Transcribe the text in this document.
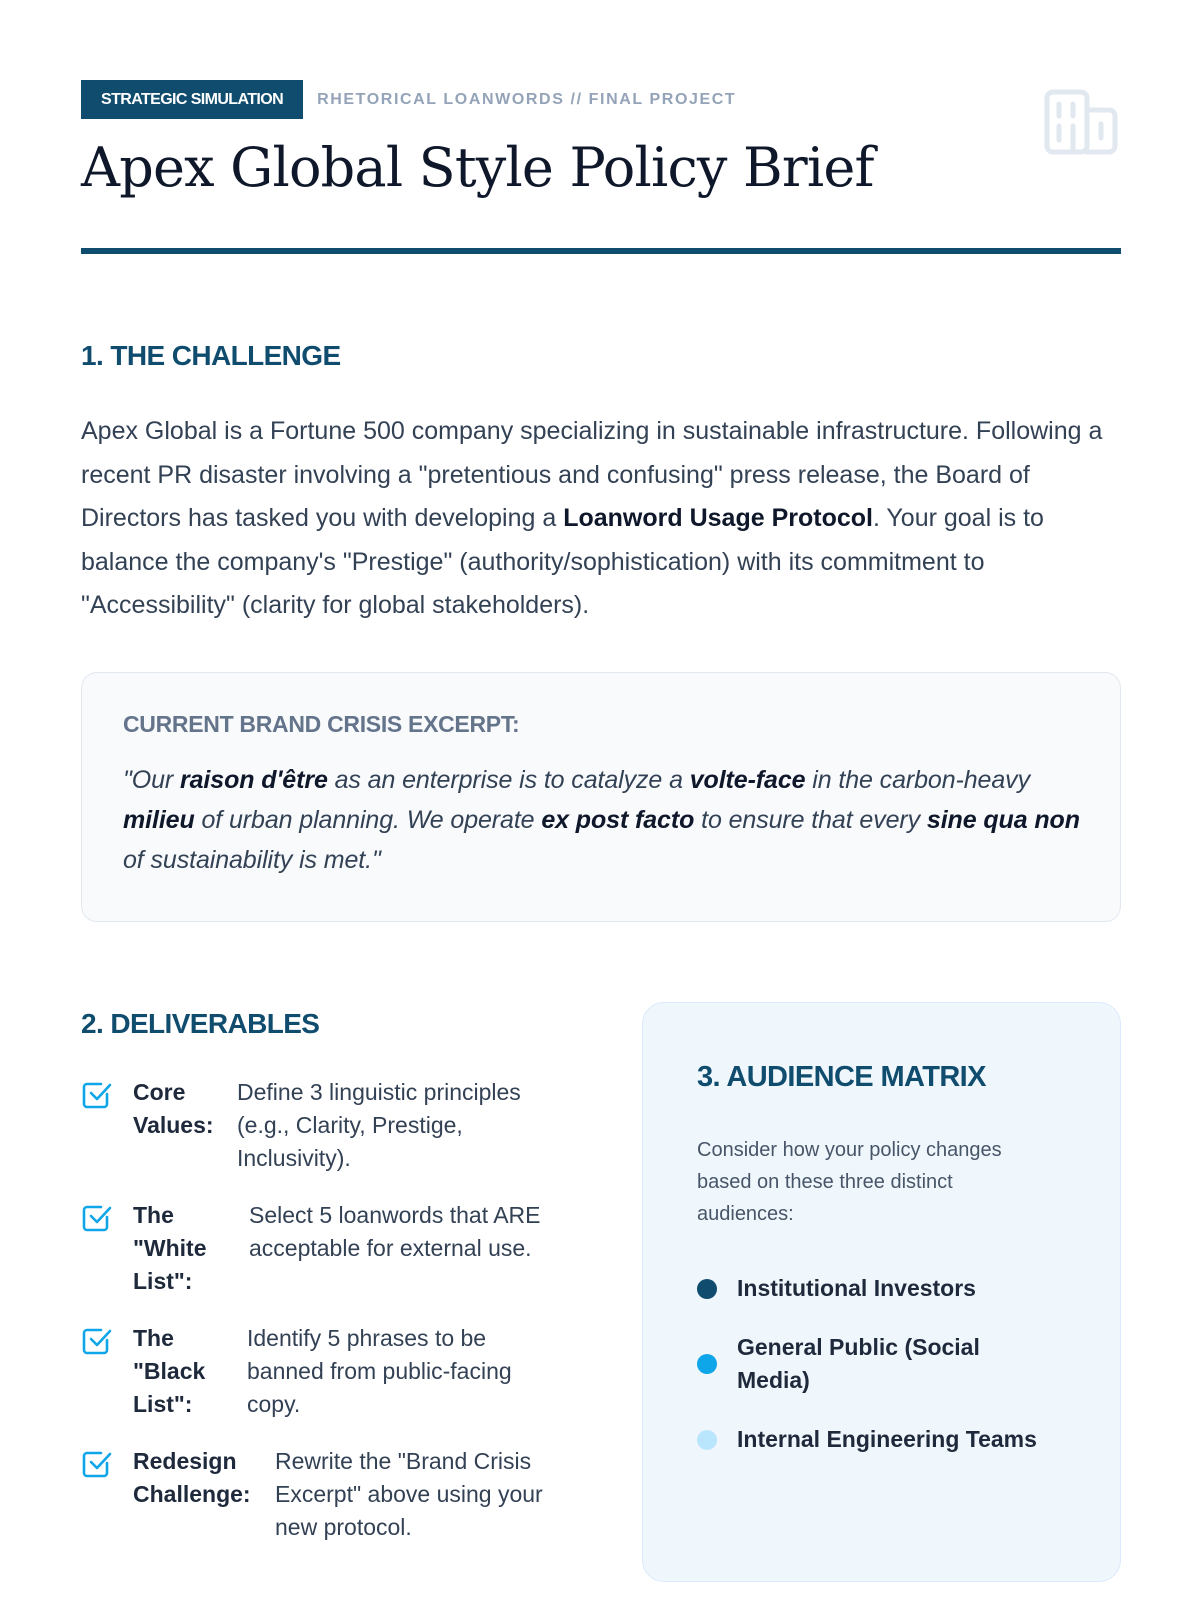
STRATEGIC SIMULATION	RHETORICAL LOANWORDS // FINAL PROJECT
Apex Global Style Policy Brief
1. THE CHALLENGE

Apex Global is a Fortune 500 company specializing in sustainable infrastructure. Following a recent PR disaster involving a "pretentious and confusing" press release, the Board of Directors has tasked you with developing a Loanword Usage Protocol. Your goal is to balance the company's "Prestige" (authority/sophistication) with its commitment to "Accessibility" (clarity for global stakeholders).

CURRENT BRAND CRISIS EXCERPT:

"Our raison d'être as an enterprise is to catalyze a volte-face in the carbon-heavy milieu of urban planning. We operate ex post facto to ensure that every sine qua non of sustainability is met."

2. DELIVERABLES
Core Values:
Define 3 linguistic principles (e.g., Clarity, Prestige, Inclusivity).
The "White List":
Select 5 loanwords that ARE acceptable for external use.
The "Black List":
Identify 5 phrases to be banned from public-facing copy.
Redesign Challenge:
Rewrite the "Brand Crisis Excerpt" above using your new protocol.
3. AUDIENCE MATRIX

Consider how your policy changes based on these three distinct audiences:

Institutional Investors
General Public (Social Media)
Internal Engineering Teams
